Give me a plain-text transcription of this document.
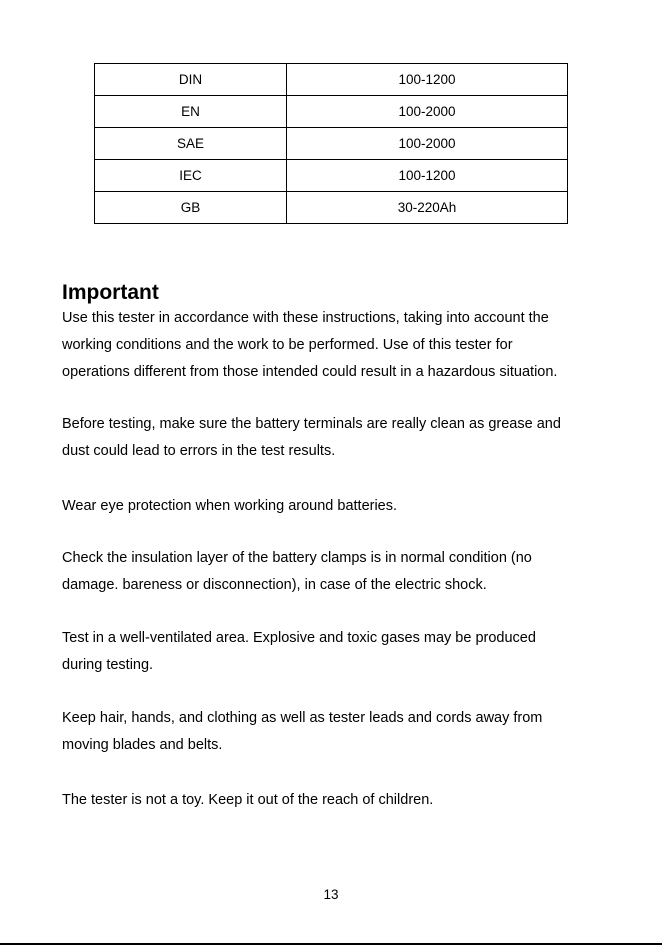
DIN	100-1200
EN	100-2000
SAE	100-2000
IEC	100-1200
GB	30-220Ah
Important

Use this tester in accordance with these instructions, taking into account the
working conditions and the work to be performed. Use of this tester for
operations different from those intended could result in a hazardous situation.

Before testing, make sure the battery terminals are really clean as grease and
dust could lead to errors in the test results.

Wear eye protection when working around batteries.

Check the insulation layer of the battery clamps is in normal condition (no
damage. bareness or disconnection), in case of the electric shock.

Test in a well-ventilated area. Explosive and toxic gases may be produced
during testing.

Keep hair, hands, and clothing as well as tester leads and cords away from
moving blades and belts.

The tester is not a toy. Keep it out of the reach of children.

13
